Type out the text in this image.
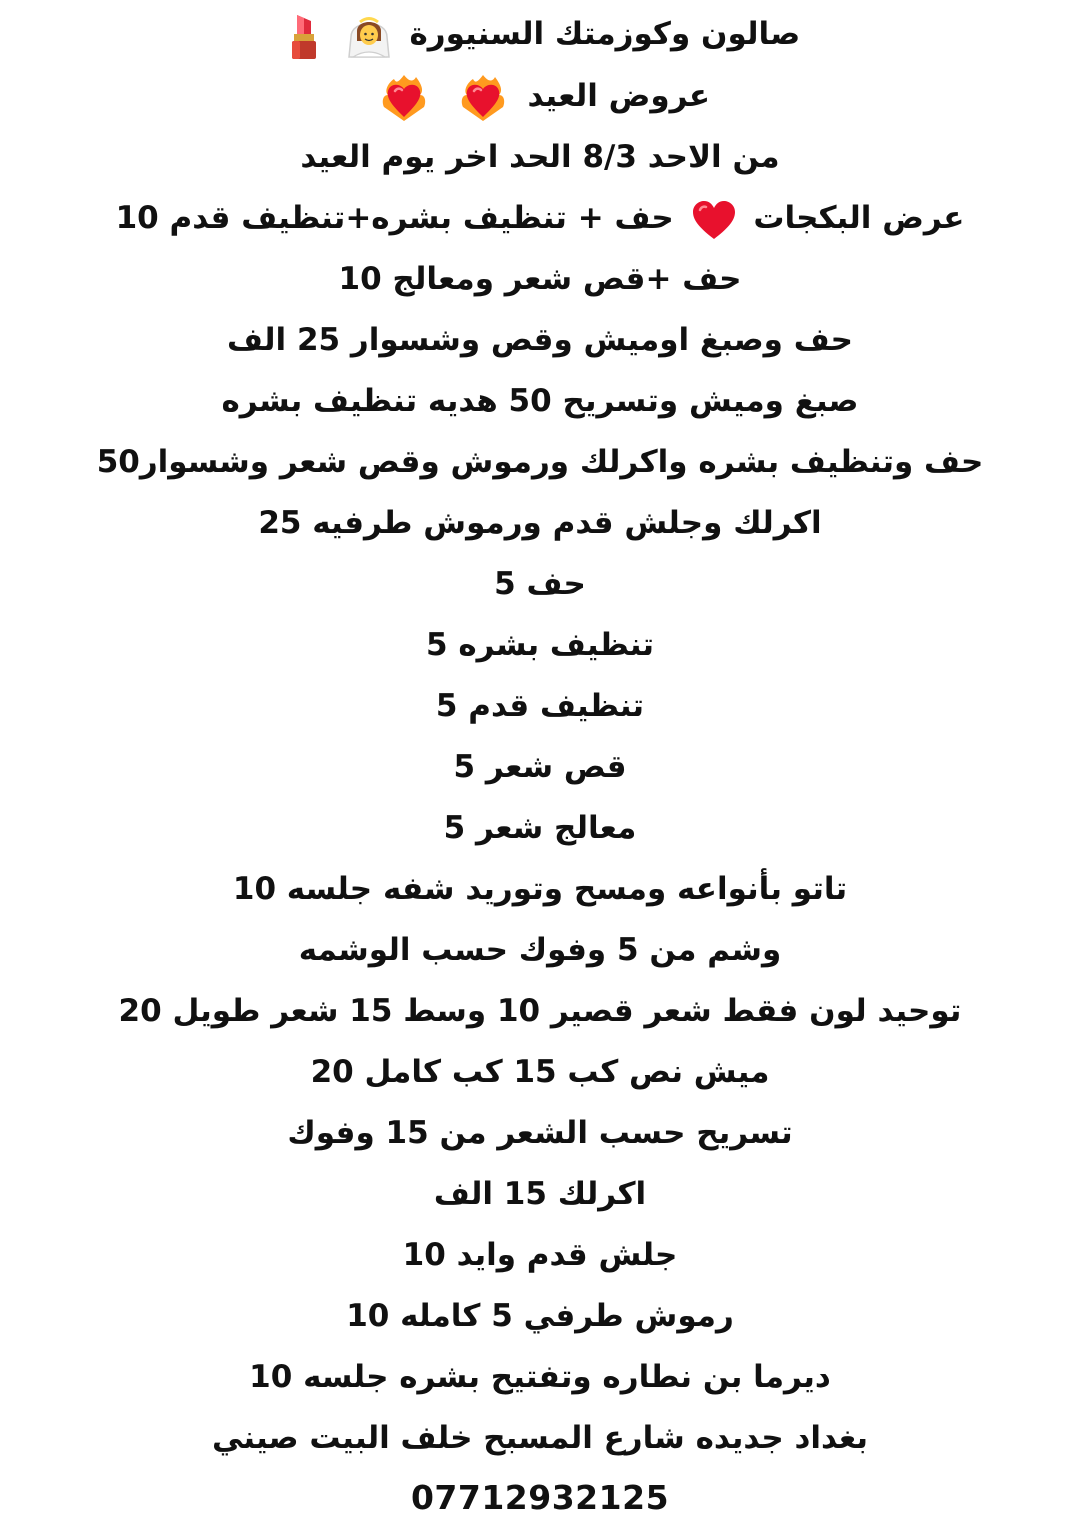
صالون وكوزمتك السنيورة

عروض العيد

من الاحد 8/3 الحد اخر يوم العيد
عرض البكجات
حف + تنظيف بشره+تنظيف قدم 10
حف +قص شعر ومعالج 10
حف وصبغ اوميش وقص وشسوار 25 الف
صبغ وميش وتسريح 50 هديه تنظيف بشره
حف وتنظيف بشره واكرلك ورموش وقص شعر وشسوار50
اكرلك وجلش قدم ورموش طرفيه 25
حف 5
تنظيف بشره 5
تنظيف قدم 5
قص شعر 5
معالج شعر 5
تاتو بأنواعه ومسح وتوريد شفه جلسه 10
وشم من 5 وفوك حسب الوشمه
توحيد لون فقط شعر قصير 10 وسط 15 شعر طويل 20
ميش نص كب 15 كب كامل 20
تسريح حسب الشعر من 15 وفوك
اكرلك 15 الف
جلش قدم وايد 10
رموش طرفي 5 كامله 10
ديرما بن نطاره وتفتيح بشره جلسه 10
بغداد جديده شارع المسبح خلف البيت صيني
07712932125
